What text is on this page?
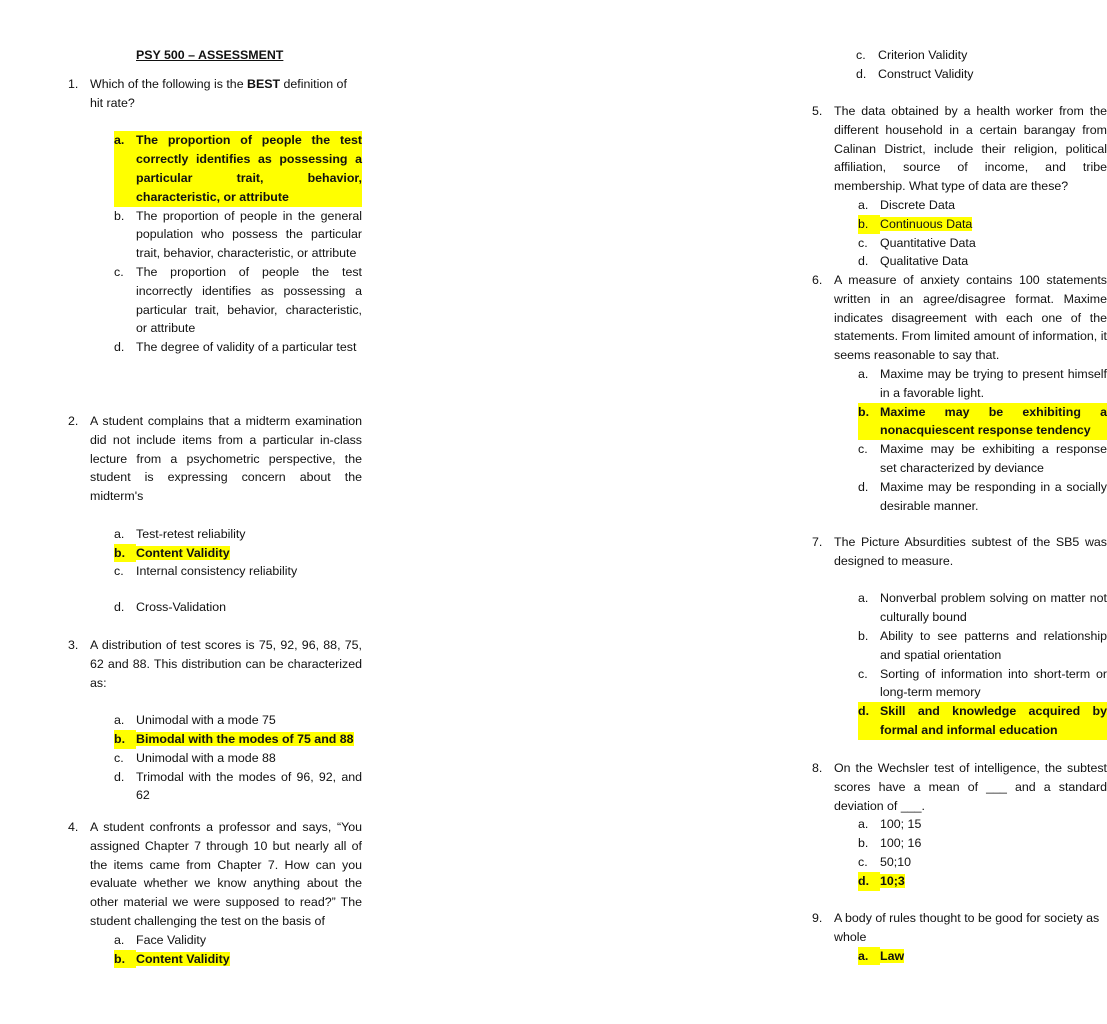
PSY 500 – ASSESSMENT
1. Which of the following is the BEST definition of hit rate?
a. The proportion of people the test correctly identifies as possessing a particular trait, behavior, characteristic, or attribute
b. The proportion of people in the general population who possess the particular trait, behavior, characteristic, or attribute
c. The proportion of people the test incorrectly identifies as possessing a particular trait, behavior, characteristic, or attribute
d. The degree of validity of a particular test
2. A student complains that a midterm examination did not include items from a particular in-class lecture from a psychometric perspective, the student is expressing concern about the midterm's
a. Test-retest reliability
b. Content Validity
c. Internal consistency reliability
d. Cross-Validation
3. A distribution of test scores is 75, 92, 96, 88, 75, 62 and 88. This distribution can be characterized as:
a. Unimodal with a mode 75
b. Bimodal with the modes of 75 and 88
c. Unimodal with a mode 88
d. Trimodal with the modes of 96, 92, and 62
4. A student confronts a professor and says, “You assigned Chapter 7 through 10 but nearly all of the items came from Chapter 7. How can you evaluate whether we know anything about the other material we were supposed to read?” The student challenging the test on the basis of
a. Face Validity
b. Content Validity
c. Criterion Validity
d. Construct Validity
5. The data obtained by a health worker from the different household in a certain barangay from Calinan District, include their religion, political affiliation, source of income, and tribe membership. What type of data are these?
a. Discrete Data
b. Continuous Data
c. Quantitative Data
d. Qualitative Data
6. A measure of anxiety contains 100 statements written in an agree/disagree format. Maxime indicates disagreement with each one of the statements. From limited amount of information, it seems reasonable to say that.
a. Maxime may be trying to present himself in a favorable light.
b. Maxime may be exhibiting a nonacquiescent response tendency
c. Maxime may be exhibiting a response set characterized by deviance
d. Maxime may be responding in a socially desirable manner.
7. The Picture Absurdities subtest of the SB5 was designed to measure.
a. Nonverbal problem solving on matter not culturally bound
b. Ability to see patterns and relationship and spatial orientation
c. Sorting of information into short-term or long-term memory
d. Skill and knowledge acquired by formal and informal education
8. On the Wechsler test of intelligence, the subtest scores have a mean of ___ and a standard deviation of ___.
a. 100; 15
b. 100; 16
c. 50;10
d. 10;3
9. A body of rules thought to be good for society as whole
a. Law
